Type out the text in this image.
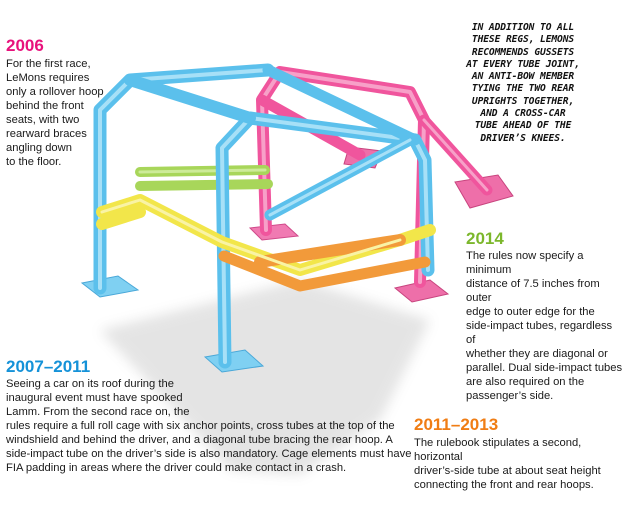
2006
For the first race,
LeMons requires
only a rollover hoop
behind the front
seats, with two
rearward braces
angling down
to the floor.
IN ADDITION TO ALL
THESE REGS, LEMONS
RECOMMENDS GUSSETS
AT EVERY TUBE JOINT,
AN ANTI-BOW MEMBER
TYING THE TWO REAR
UPRIGHTS TOGETHER,
AND A CROSS-CAR
TUBE AHEAD OF THE
DRIVER’S KNEES.
2014
The rules now specify a minimum
distance of 7.5 inches from outer
edge to outer edge for the
side-impact tubes, regardless of
whether they are diagonal or
parallel. Dual side-impact tubes
are also required on the
passenger’s side.
2007–2011
Seeing a car on its roof during the
inaugural event must have spooked
Lamm. From the second race on, the
rules require a full roll cage with six anchor points, cross tubes at the top of the
windshield and behind the driver, and a diagonal tube bracing the rear hoop. A
side-impact tube on the driver’s side is also mandatory. Cage elements must have
FIA padding in areas where the driver could make contact in a crash.
2011–2013
The rulebook stipulates a second, horizontal
driver’s-side tube at about seat height
connecting the front and rear hoops.
